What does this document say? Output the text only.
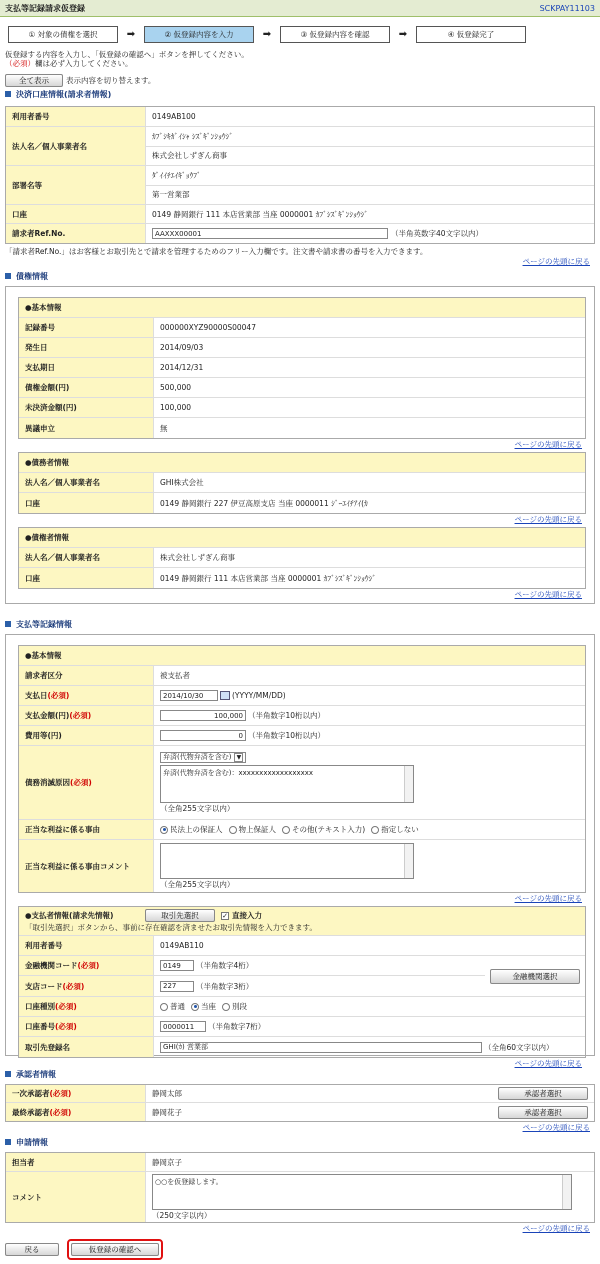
支払等記録請求仮登録	SCKPAY11103
① 対象の債権を選択	➡	② 仮登録内容を入力	➡	③ 仮登録内容を確認	➡	④ 仮登録完了
仮登録する内容を入力し、「仮登録の確認へ」ボタンを押してください。
（必須）欄は必ず入力してください。
全て表示	表示内容を切り替えます。
決済口座情報(請求者情報)
利用者番号	0149AB100
法人名／個人事業者名
ｶﾌﾞｼｷｶﾞｲｼｬ ｼｽﾞｷﾞﾝｼｮｳｼﾞ
株式会社しずぎん商事
部署名等
ﾀﾞｲｲﾁｴｲｷﾞｮｳﾌﾞ
第一営業部
口座	0149 静岡銀行 111 本店営業部 当座 0000001 ｶﾌﾞｼｽﾞｷﾞﾝｼｮｳｼﾞ
請求者Ref.No.	AAXXX00001	（半角英数字40文字以内）
「請求者Ref.No.」はお客様とお取引先とで請求を管理するためのフリー入力欄です。注文書や請求書の番号を入力できます。
ページの先頭に戻る
債権情報
●基本情報
記録番号	000000XYZ90000S00047
発生日	2014/09/03
支払期日	2014/12/31
債権金額(円)	500,000
未決済金額(円)	100,000
異議申立	無
ページの先頭に戻る
●債務者情報
法人名／個人事業者名	GHI株式会社
口座	0149 静岡銀行 227 伊豆高原支店 当座 0000011 ｼﾞｰｴｲﾁｱｲ(ｶ
ページの先頭に戻る
●債権者情報
法人名／個人事業者名	株式会社しずぎん商事
口座	0149 静岡銀行 111 本店営業部 当座 0000001 ｶﾌﾞｼｽﾞｷﾞﾝｼｮｳｼﾞ
ページの先頭に戻る
支払等記録情報
●基本情報
請求者区分	被支払者
支払日 (必須)	2014/10/30	(YYYY/MM/DD)
支払金額(円) (必須)	100,000 （半角数字10桁以内）
費用等(円)	0 （半角数字10桁以内）
債務消滅原因 (必須)
弁済(代物弁済を含む) ▼
弁済(代物弁済を含む)：xxxxxxxxxxxxxxxxxx
（全角255文字以内）
正当な利益に係る事由	民法上の保証人 物上保証人 その他(テキスト入力) 指定しない
正当な利益に係る事由コメント
（全角255文字以内）
ページの先頭に戻る
●支払者情報(請求先情報)	取引先選択	✓ 直接入力
「取引先選択」ボタンから、事前に存在確認を済ませたお取引先情報を入力できます。
利用者番号	0149AB110
金融機関コード (必須)	0149	（半角数字4桁）
支店コード (必須)	227	（半角数字3桁）
金融機関選択
口座種別 (必須)	普通 当座 別段
口座番号 (必須)	0000011	（半角数字7桁）
取引先登録名	GHI(ｶ) 営業部	（全角60文字以内）
ページの先頭に戻る
承認者情報
一次承認者 (必須)	静岡太郎	承認者選択
最終承認者 (必須)	静岡花子	承認者選択
ページの先頭に戻る
申請情報
担当者	静岡京子
コメント
○○を仮登録します。
（250文字以内）
ページの先頭に戻る
戻る	仮登録の確認へ
